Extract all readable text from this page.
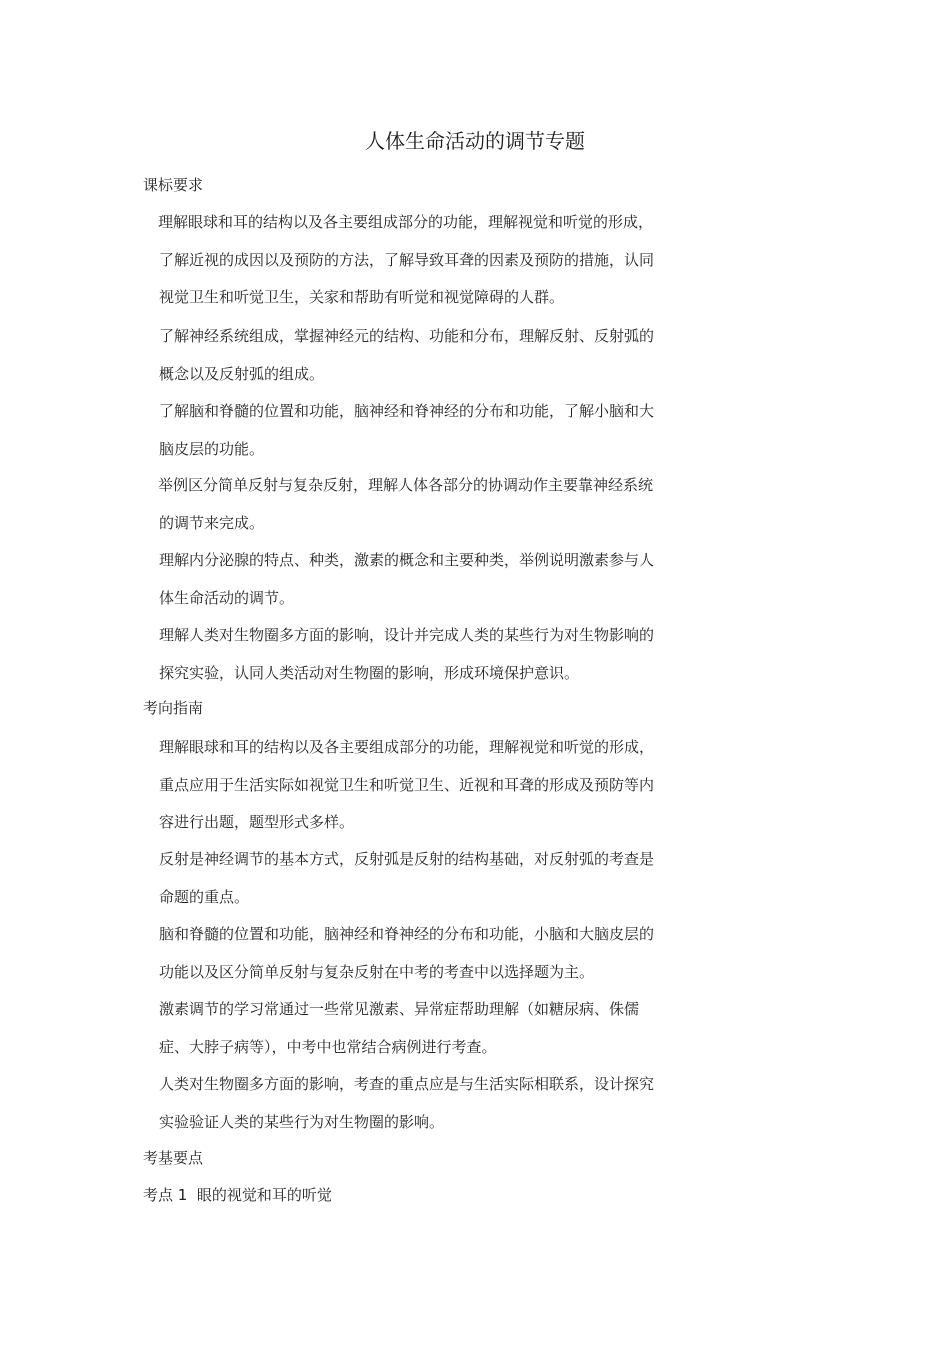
人体生命活动的调节专题
课标要求
理解眼球和耳的结构以及各主要组成部分的功能，理解视觉和听觉的形成，
了解近视的成因以及预防的方法，了解导致耳聋的因素及预防的措施，认同
视觉卫生和听觉卫生，关家和帮助有听觉和视觉障碍的人群。
了解神经系统组成，掌握神经元的结构、功能和分布，理解反射、反射弧的
概念以及反射弧的组成。
了解脑和脊髓的位置和功能，脑神经和脊神经的分布和功能，了解小脑和大
脑皮层的功能。
举例区分简单反射与复杂反射，理解人体各部分的协调动作主要靠神经系统
的调节来完成。
理解内分泌腺的特点、种类，激素的概念和主要种类，举例说明激素参与人
体生命活动的调节。
理解人类对生物圈多方面的影响，设计并完成人类的某些行为对生物影响的
探究实验，认同人类活动对生物圈的影响，形成环境保护意识。
考向指南
理解眼球和耳的结构以及各主要组成部分的功能，理解视觉和听觉的形成，
重点应用于生活实际如视觉卫生和听觉卫生、近视和耳聋的形成及预防等内
容进行出题，题型形式多样。
反射是神经调节的基本方式，反射弧是反射的结构基础，对反射弧的考查是
命题的重点。
脑和脊髓的位置和功能，脑神经和脊神经的分布和功能，小脑和大脑皮层的
功能以及区分简单反射与复杂反射在中考的考查中以选择题为主。
激素调节的学习常通过一些常见激素、异常症帮助理解（如糖尿病、侏儒
症、大脖子病等），中考中也常结合病例进行考查。
人类对生物圈多方面的影响，考查的重点应是与生活实际相联系，设计探究
实验验证人类的某些行为对生物圈的影响。
考基要点
考点 1  眼的视觉和耳的听觉
